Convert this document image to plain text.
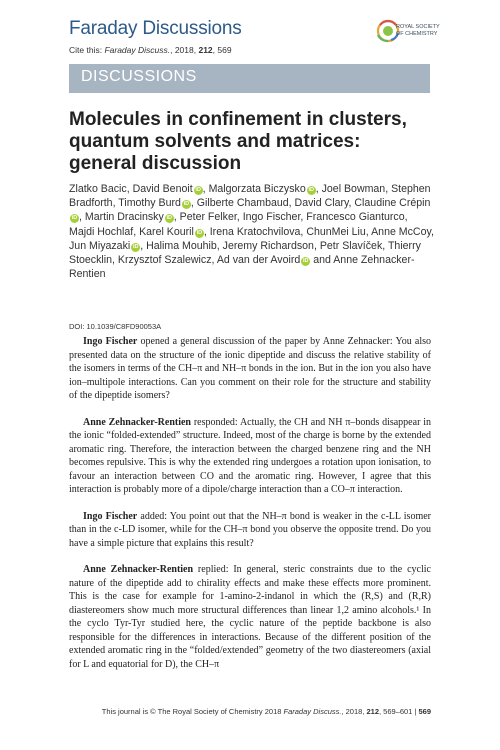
Faraday Discussions
Cite this: Faraday Discuss., 2018, 212, 569
ROYAL SOCIETY
OF CHEMISTRY
DISCUSSIONS
Molecules in confinement in clusters, quantum solvents and matrices: general discussion
Zlatko Bacic, David Benoit iD , Malgorzata Biczysko iD , Joel Bowman, Stephen Bradforth, Timothy Burd iD , Gilberte Chambaud, David Clary, Claudine CrépiniD , Martin Dracinsky iD , Peter Felker, Ingo Fischer, Francesco Gianturco, Majdi Hochlaf, Karel Kouril iD , Irena Kratochvilova, ChunMei Liu, Anne McCoy, Jun Miyazaki iD , Halima Mouhib, Jeremy Richardson, Petr Slavíček, Thierry Stoecklin, Krzysztof Szalewicz, Ad van der Avoird iD and Anne Zehnacker-Rentien
DOI: 10.1039/C8FD90053A

Ingo Fischer opened a general discussion of the paper by Anne Zehnacker: You also presented data on the structure of the ionic dipeptide and discuss the relative stability of the isomers in terms of the CH–π and NH–π bonds in the ion. But in the ion you also have ion–multipole interactions. Can you comment on their role for the structure and stability of the dipeptide isomers?

Anne Zehnacker-Rentien responded: Actually, the CH and NH π–bonds disappear in the ionic “folded-extended” structure. Indeed, most of the charge is borne by the extended aromatic ring. Therefore, the interaction between the charged benzene ring and the NH becomes repulsive. This is why the extended ring undergoes a rotation upon ionisation, to favour an interaction between CO and the aromatic ring. However, I agree that this interaction is probably more of a dipole/charge interaction than a CO–π interaction.

Ingo Fischer added: You point out that the NH–π bond is weaker in the c-LL isomer than in the c-LD isomer, while for the CH–π bond you observe the opposite trend. Do you have a simple picture that explains this result?

Anne Zehnacker-Rentien replied: In general, steric constraints due to the cyclic nature of the dipeptide add to chirality effects and make these effects more prominent. This is the case for example for 1-amino-2-indanol in which the (R,S) and (R,R) diastereomers show much more structural differences than linear 1,2 amino alcohols.¹ In the cyclo Tyr-Tyr studied here, the cyclic nature of the peptide backbone is also responsible for the differences in interactions. Because of the different position of the extended aromatic ring in the “folded/extended” geometry of the two diastereomers (axial for L and equatorial for D), the CH–π

This journal is © The Royal Society of Chemistry 2018 Faraday Discuss., 2018, 212, 569–601 | 569
